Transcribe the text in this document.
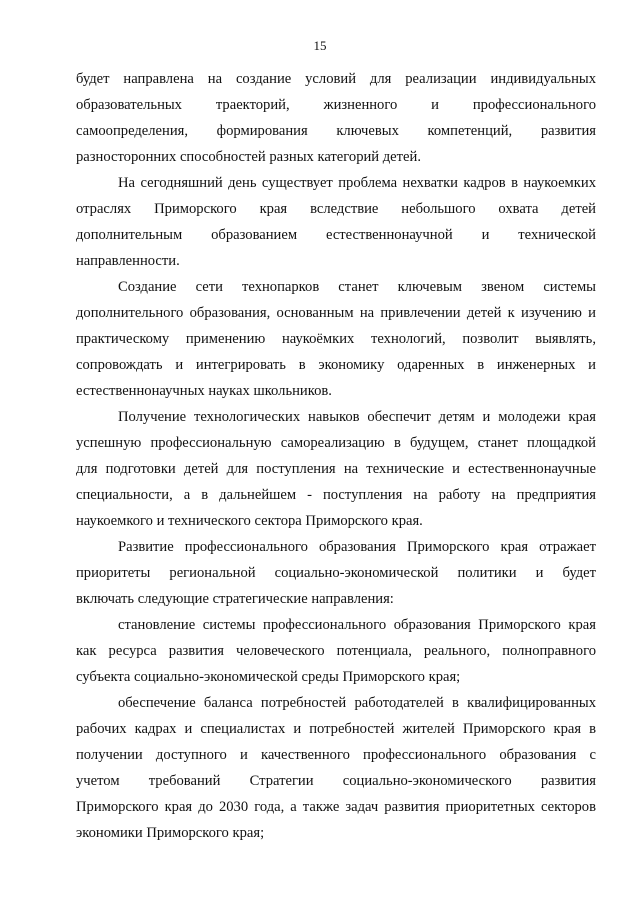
15
будет направлена на создание условий для реализации индивидуальных
образовательных траекторий, жизненного и профессионального
самоопределения, формирования ключевых компетенций, развития
разносторонних способностей разных категорий детей.
На сегодняшний день существует проблема нехватки кадров в наукоемких
отраслях Приморского края вследствие небольшого охвата детей
дополнительным образованием естественнонаучной и технической
направленности.
Создание сети технопарков станет ключевым звеном системы
дополнительного образования, основанным на привлечении детей к изучению и
практическому применению наукоёмких технологий, позволит выявлять,
сопровождать и интегрировать в экономику одаренных в инженерных и
естественнонаучных науках школьников.
Получение технологических навыков обеспечит детям и молодежи края
успешную профессиональную самореализацию в будущем, станет площадкой
для подготовки детей для поступления на технические и естественнонаучные
специальности, а в дальнейшем - поступления на работу на предприятия
наукоемкого и технического сектора Приморского края.
Развитие профессионального образования Приморского края отражает
приоритеты региональной социально-экономической политики и будет
включать следующие стратегические направления:
становление системы профессионального образования Приморского края
как ресурса развития человеческого потенциала, реального, полноправного
субъекта социально-экономической среды Приморского края;
обеспечение баланса потребностей работодателей в квалифицированных
рабочих кадрах и специалистах и потребностей жителей Приморского края в
получении доступного и качественного профессионального образования с
учетом требований Стратегии социально-экономического развития
Приморского края до 2030 года, а также задач развития приоритетных секторов
экономики Приморского края;
